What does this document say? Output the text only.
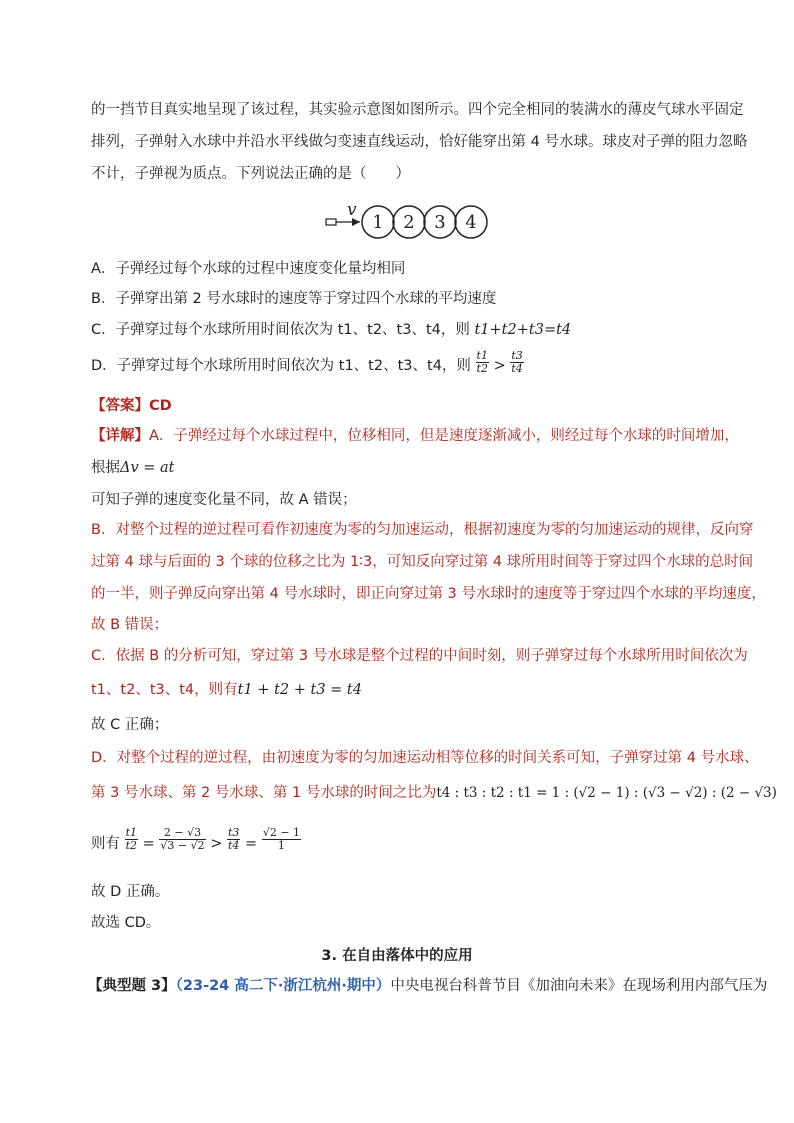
的一挡节目真实地呈现了该过程，其实验示意图如图所示。四个完全相同的装满水的薄皮气球水平固定
排列，子弹射入水球中并沿水平线做匀变速直线运动，恰好能穿出第 4 号水球。球皮对子弹的阻力忽略
不计，子弹视为质点。下列说法正确的是（　　）
v
1 2 3 4
A．子弹经过每个水球的过程中速度变化量均相同
B．子弹穿出第 2 号水球时的速度等于穿过四个水球的平均速度
C．子弹穿过每个水球所用时间依次为 t1、t2、t3、t4，则 t1+t2+t3=t4
D．子弹穿过每个水球所用时间依次为 t1、t2、t3、t4，则 $\frac{t1}{t2} > \frac{t3}{t4}$
【答案】CD
【详解】A．子弹经过每个水球过程中，位移相同，但是速度逐渐减小，则经过每个水球的时间增加，
根据Δv = at
可知子弹的速度变化量不同，故 A 错误；
B．对整个过程的逆过程可看作初速度为零的匀加速运动，根据初速度为零的匀加速运动的规律，反向穿
过第 4 球与后面的 3 个球的位移之比为 1∶3，可知反向穿过第 4 球所用时间等于穿过四个水球的总时间
的一半，则子弹反向穿出第 4 号水球时，即正向穿过第 3 号水球时的速度等于穿过四个水球的平均速度，
故 B 错误；
C．依据 B 的分析可知，穿过第 3 号水球是整个过程的中间时刻，则子弹穿过每个水球所用时间依次为
t1、t2、t3、t4，则有t1 + t2 + t3 = t4
故 C 正确；
D．对整个过程的逆过程，由初速度为零的匀加速运动相等位移的时间关系可知，子弹穿过第 4 号水球、
第 3 号水球、第 2 号水球、第 1 号水球的时间之比为t4 : t3 : t2 : t1 = 1 : (√2 − 1) : (√3 − √2) : (2 − √3)
则有 $\frac{t1}{t2} = \frac{2 - √3}{√3 - √2} > \frac{t3}{t4} = \frac{√2 - 1}{1}$
故 D 正确。
故选 CD。
3. 在自由落体中的应用
【典型题 3】（23-24 高二下·浙江杭州·期中）中央电视台科普节目《加油向未来》在现场利用内部气压为
